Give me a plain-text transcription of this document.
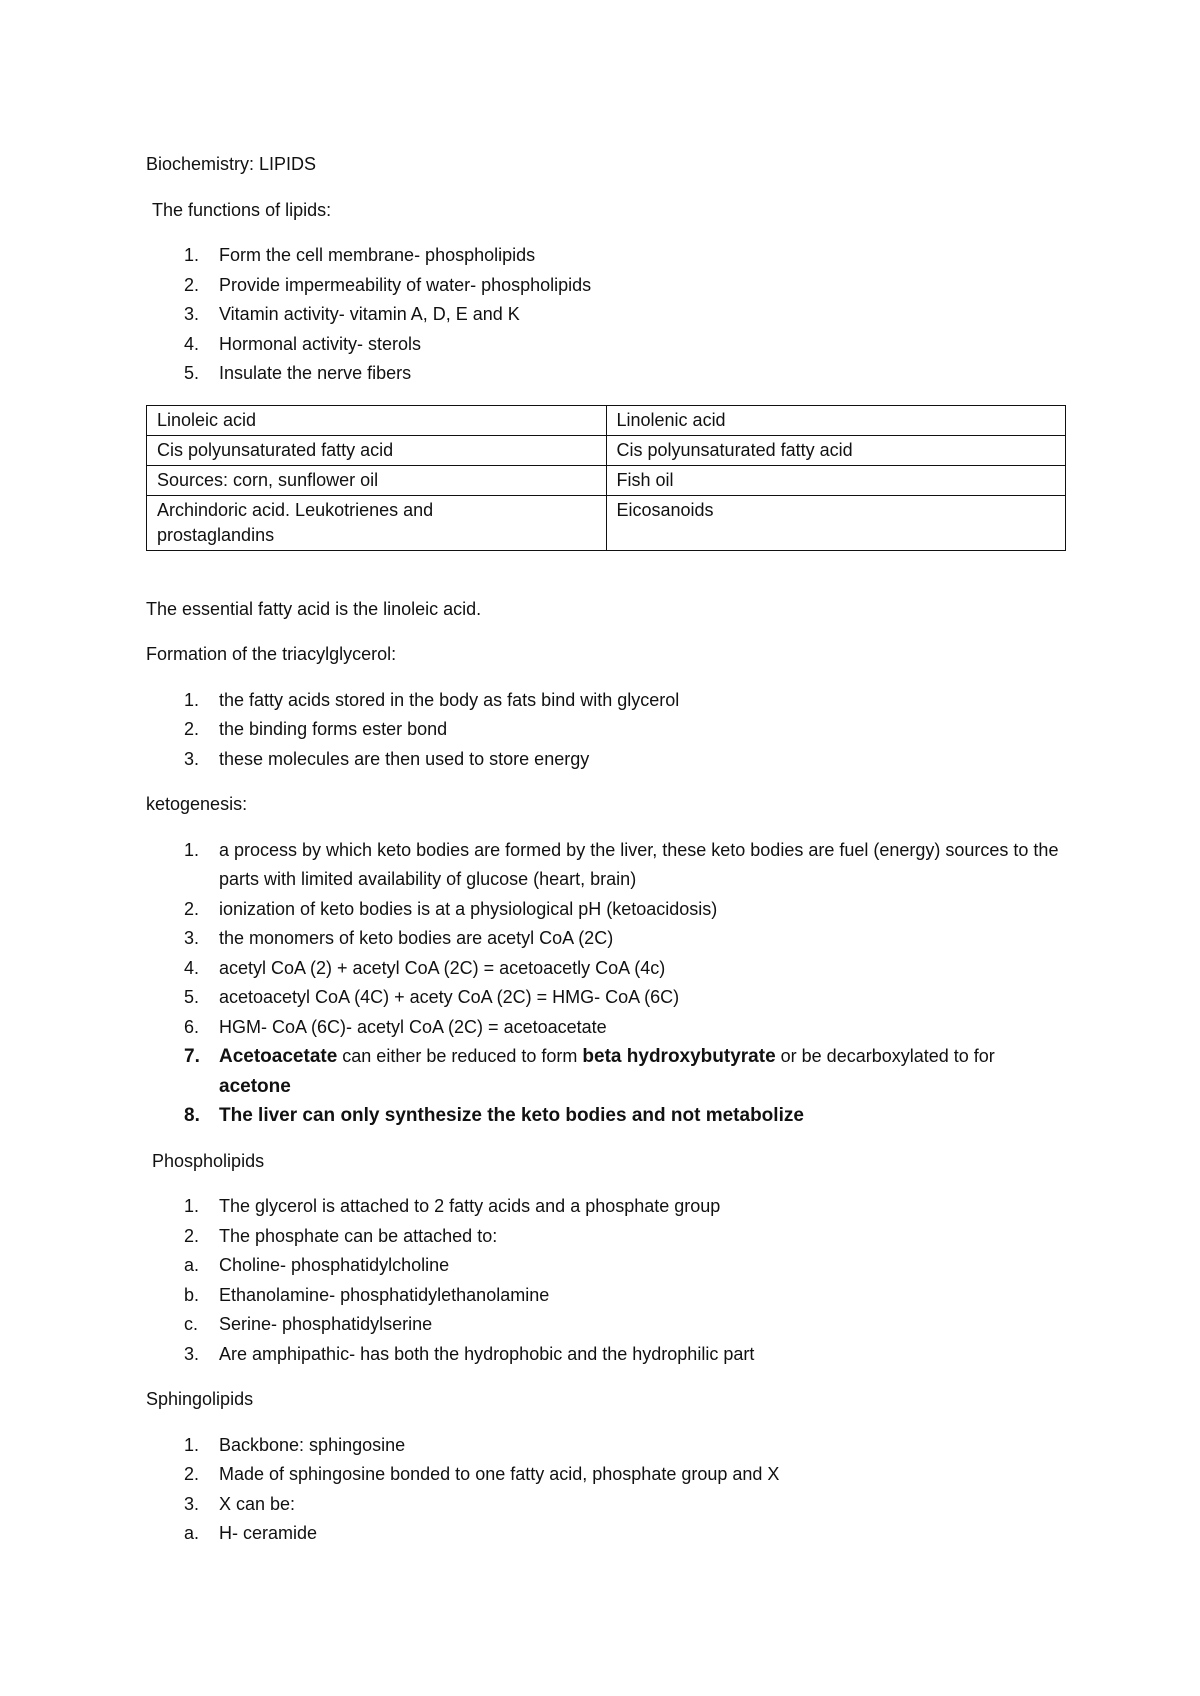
Biochemistry: LIPIDS

The functions of lipids:

1. Form the cell membrane- phospholipids
2. Provide impermeability of water- phospholipids
3. Vitamin activity- vitamin A, D, E and K
4. Hormonal activity- sterols
5. Insulate the nerve fibers
Linoleic acid	Linolenic acid
Cis polyunsaturated fatty acid	Cis polyunsaturated fatty acid
Sources: corn, sunflower oil	Fish oil
Archindoric acid. Leukotrienes and prostaglandins	Eicosanoids

The essential fatty acid is the linoleic acid.

Formation of the triacylglycerol:

1. the fatty acids stored in the body as fats bind with glycerol
2. the binding forms ester bond
3. these molecules are then used to store energy

ketogenesis:

1. a process by which keto bodies are formed by the liver, these keto bodies are fuel (energy) sources to the parts with limited availability of glucose (heart, brain)
2. ionization of keto bodies is at a physiological pH (ketoacidosis)
3. the monomers of keto bodies are acetyl CoA (2C)
4. acetyl CoA (2) + acetyl CoA (2C) = acetoacetly CoA (4c)
5. acetoacetyl CoA (4C) + acety CoA (2C) = HMG- CoA (6C)
6. HGM- CoA (6C)- acetyl CoA (2C) = acetoacetate
7. Acetoacetate can either be reduced to form beta hydroxybutyrate or be decarboxylated to for acetone
8. The liver can only synthesize the keto bodies and not metabolize

Phospholipids

1. The glycerol is attached to 2 fatty acids and a phosphate group
2. The phosphate can be attached to:
a. Choline- phosphatidylcholine
b. Ethanolamine- phosphatidylethanolamine
c. Serine- phosphatidylserine
3. Are amphipathic- has both the hydrophobic and the hydrophilic part

Sphingolipids

1. Backbone: sphingosine
2. Made of sphingosine bonded to one fatty acid, phosphate group and X
3. X can be:
a. H- ceramide
